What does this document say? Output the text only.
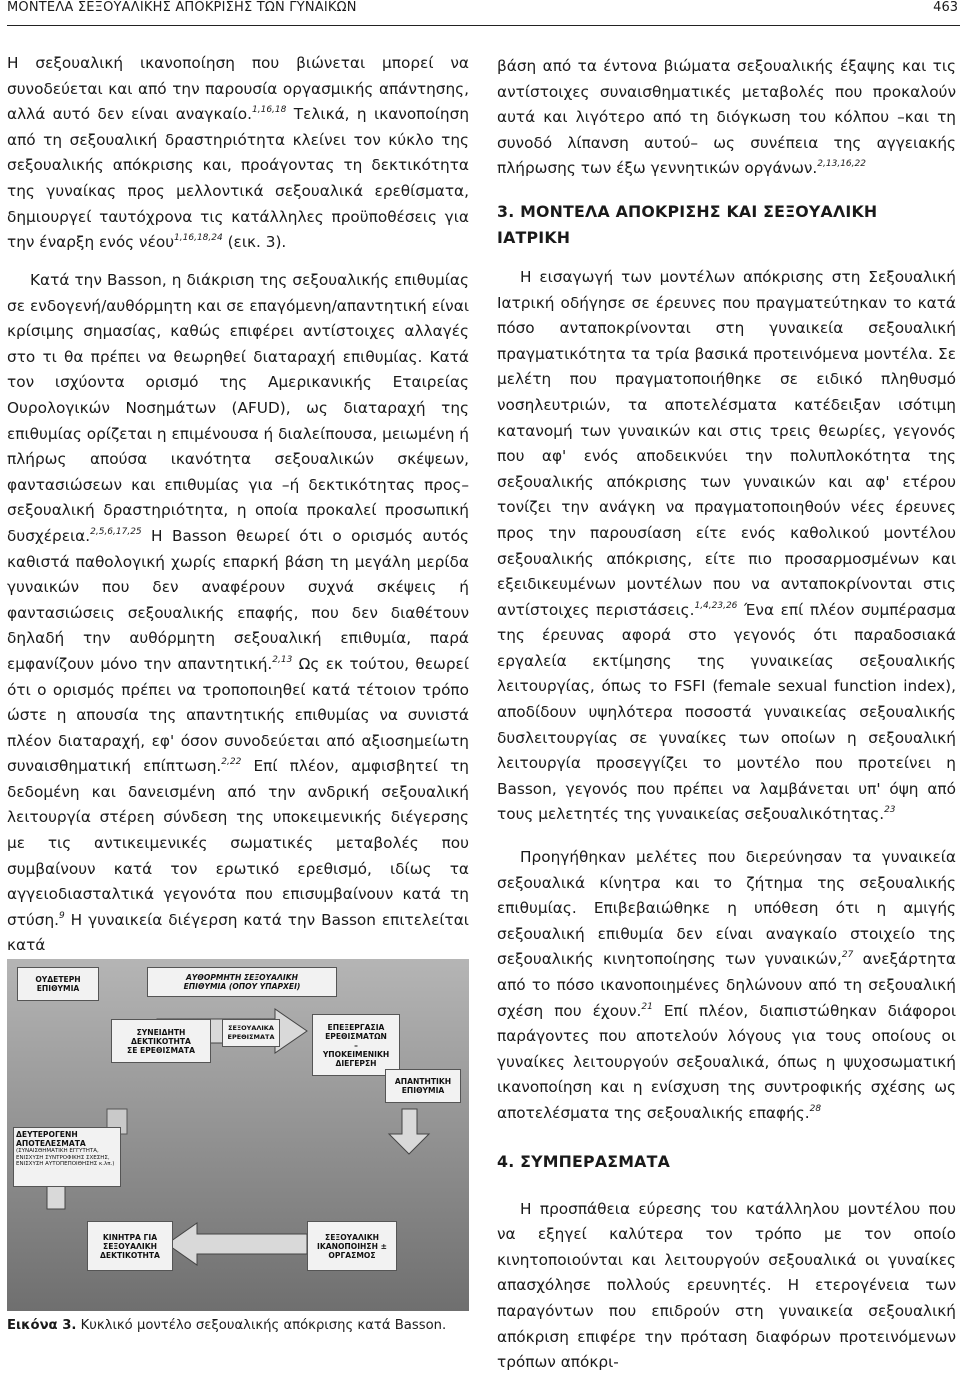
ΜΟΝΤΕΛΑ ΣΕΞΟΥΑΛΙΚΗΣ ΑΠΟΚΡΙΣΗΣ ΤΩΝ ΓΥΝΑΙΚΩΝ	463

Η σεξουαλική ικανοποίηση που βιώνεται μπορεί να συνοδεύεται και από την παρουσία οργασμικής απάντησης, αλλά αυτό δεν είναι αναγκαίο.$^{1,16,18}$ Τελικά, η ικανοποίηση από τη σεξουαλική δραστηριότητα κλείνει τον κύκλο της σεξουαλικής απόκρισης και, προάγοντας τη δεκτικότητα της γυναίκας προς μελλοντικά σεξουαλικά ερεθίσματα, δημιουργεί ταυτόχρονα τις κατάλληλες προϋποθέσεις για την έναρξη ενός νέου$^{1,16,18,24}$ (εικ. 3).

Κατά την Basson, η διάκριση της σεξουαλικής επιθυμίας σε ενδογενή/αυθόρμητη και σε επαγόμενη/απαντητική είναι κρίσιμης σημασίας, καθώς επιφέρει αντίστοιχες αλλαγές στο τι θα πρέπει να θεωρηθεί διαταραχή επιθυμίας. Κατά τον ισχύοντα ορισμό της Αμερικανικής Εταιρείας Ουρολογικών Νοσημάτων (AFUD), ως διαταραχή της επιθυμίας ορίζεται η επιμένουσα ή διαλείπουσα, μειωμένη ή πλήρως απούσα ικανότητα σεξουαλικών σκέψεων, φαντασιώσεων και επιθυμίας για –ή δεκτικότητας προς– σεξουαλική δραστηριότητα, η οποία προκαλεί προσωπική δυσχέρεια.$^{2,5,6,17,25}$ Η Basson θεωρεί ότι ο ορισμός αυτός καθιστά παθολογική χωρίς επαρκή βάση τη μεγάλη μερίδα γυναικών που δεν αναφέρουν συχνά σκέψεις ή φαντασιώσεις σεξουαλικής επαφής, που δεν διαθέτουν δηλαδή την αυθόρμητη σεξουαλική επιθυμία, παρά εμφανίζουν μόνο την απαντητική.$^{2,13}$ Ως εκ τούτου, θεωρεί ότι ο ορισμός πρέπει να τροποποιηθεί κατά τέτοιον τρόπο ώστε η απουσία της απαντητικής επιθυμίας να συνιστά πλέον διαταραχή, εφ' όσον συνοδεύεται από αξιοσημείωτη συναισθηματική επίπτωση.$^{2,22}$ Επί πλέον, αμφισβητεί τη δεδομένη και δανεισμένη από την ανδρική σεξουαλική λειτουργία στέρεη σύνδεση της υποκειμενικής διέγερσης με τις αντικειμενικές σωματικές μεταβολές που συμβαίνουν κατά τον ερωτικό ερεθισμό, ιδίως τα αγγειοδιασταλτικά γεγονότα που επισυμβαίνουν κατά τη στύση.$^9$ Η γυναικεία διέγερση κατά την Basson επιτελείται κατά

ΟΥΔΕΤΕΡΗ
ΕΠΙΘΥΜΙΑ
ΑΥΘΟΡΜΗΤΗ ΣΕΞΟΥΑΛΙΚΗ
ΕΠΙΘΥΜΙΑ (ΟΠΟΥ ΥΠΑΡΧΕΙ)
ΣΥΝΕΙΔΗΤΗ
ΔΕΚΤΙΚΟΤΗΤΑ
ΣΕ ΕΡΕΘΙΣΜΑΤΑ
ΣΕΞΟΥΑΛΙΚΑ
ΕΡΕΘΙΣΜΑΤΑ
ΕΠΕΞΕΡΓΑΣΙΑ
ΕΡΕΘΙΣΜΑΤΩΝ
–
ΥΠΟΚΕΙΜΕΝΙΚΗ
ΔΙΕΓΕΡΣΗ
ΔΕΥΤΕΡΟΓΕΝΗ
ΑΠΟΤΕΛΕΣΜΑΤΑ
(ΣΥΝΑΙΣΘΗΜΑΤΙΚΗ ΕΓΓΥΤΗΤΑ, ΕΝΙΣΧΥΣΗ ΣΥΝΤΡΟΦΙΚΗΣ ΣΧΕΣΗΣ, ΕΝΙΣΧΥΣΗ ΑΥΤΟΠΕΠΟΙΘΗΣΗΣ κ.λπ.)
ΑΠΑΝΤΗΤΙΚΗ
ΕΠΙΘΥΜΙΑ
ΚΙΝΗΤΡΑ ΓΙΑ
ΣΕΞΟΥΑΛΙΚΗ
ΔΕΚΤΙΚΟΤΗΤΑ
ΣΕΞΟΥΑΛΙΚΗ
ΙΚΑΝΟΠΟΙΗΣΗ ±
ΟΡΓΑΣΜΟΣ
Εικόνα 3. Κυκλικό μοντέλο σεξουαλικής απόκρισης κατά Basson.

βάση από τα έντονα βιώματα σεξουαλικής έξαψης και τις αντίστοιχες συναισθηματικές μεταβολές που προκαλούν αυτά και λιγότερο από τη διόγκωση του κόλπου –και τη συνοδό λίπανση αυτού– ως συνέπεια της αγγειακής πλήρωσης των έξω γεννητικών οργάνων.$^{2,13,16,22}$

3. ΜΟΝΤΕΛΑ ΑΠΟΚΡΙΣΗΣ ΚΑΙ ΣΕΞΟΥΑΛΙΚΗ ΙΑΤΡΙΚΗ

Η εισαγωγή των μοντέλων απόκρισης στη Σεξουαλική Ιατρική οδήγησε σε έρευνες που πραγματεύτηκαν το κατά πόσο ανταποκρίνονται στη γυναικεία σεξουαλική πραγματικότητα τα τρία βασικά προτεινόμενα μοντέλα. Σε μελέτη που πραγματοποιήθηκε σε ειδικό πληθυσμό νοσηλευτριών, τα αποτελέσματα κατέδειξαν ισότιμη κατανομή των γυναικών και στις τρεις θεωρίες, γεγονός που αφ' ενός αποδεικνύει την πολυπλοκότητα της σεξουαλικής απόκρισης των γυναικών και αφ' ετέρου τονίζει την ανάγκη να πραγματοποιηθούν νέες έρευνες προς την παρουσίαση είτε ενός καθολικού μοντέλου σεξουαλικής απόκρισης, είτε πιο προσαρμοσμένων και εξειδικευμένων μοντέλων που να ανταποκρίνονται στις αντίστοιχες περιστάσεις.$^{1,4,23,26}$ Ένα επί πλέον συμπέρασμα της έρευνας αφορά στο γεγονός ότι παραδοσιακά εργαλεία εκτίμησης της γυναικείας σεξουαλικής λειτουργίας, όπως το FSFI (female sexual function index), αποδίδουν υψηλότερα ποσοστά γυναικείας σεξουαλικής δυσλειτουργίας σε γυναίκες των οποίων η σεξουαλική λειτουργία προσεγγίζει το μοντέλο που προτείνει η Basson, γεγονός που πρέπει να λαμβάνεται υπ' όψη από τους μελετητές της γυναικείας σεξουαλικότητας.$^{23}$

Προηγήθηκαν μελέτες που διερεύνησαν τα γυναικεία σεξουαλικά κίνητρα και το ζήτημα της σεξουαλικής επιθυμίας. Επιβεβαιώθηκε η υπόθεση ότι η αμιγής σεξουαλική επιθυμία δεν είναι αναγκαίο στοιχείο της σεξουαλικής κινητοποίησης των γυναικών,$^{27}$ ανεξάρτητα από το πόσο ικανοποιημένες δηλώνουν από τη σεξουαλική σχέση που έχουν.$^{21}$ Επί πλέον, διαπιστώθηκαν διάφοροι παράγοντες που αποτελούν λόγους για τους οποίους οι γυναίκες λειτουργούν σεξουαλικά, όπως η ψυχοσωματική ικανοποίηση και η ενίσχυση της συντροφικής σχέσης ως αποτελέσματα της σεξουαλικής επαφής.$^{28}$

4. ΣΥΜΠΕΡΑΣΜΑΤΑ

Η προσπάθεια εύρεσης του κατάλληλου μοντέλου που να εξηγεί καλύτερα τον τρόπο με τον οποίο κινητοποιούνται και λειτουργούν σεξουαλικά οι γυναίκες απασχόλησε πολλούς ερευνητές. Η ετερογένεια των παραγόντων που επιδρούν στη γυναικεία σεξουαλική απόκριση επιφέρε την πρόταση διαφόρων προτεινόμενων τρόπων απόκρι-
